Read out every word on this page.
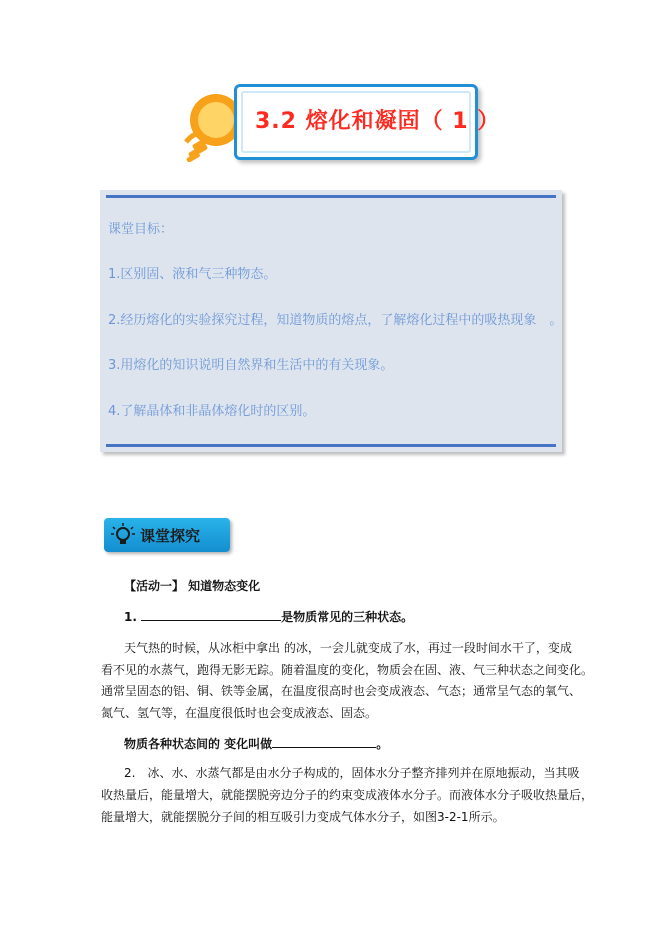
3.2 熔化和凝固（ 1 ）
课堂目标：
1.区别固、液和气三种物态。
2.经历熔化的实验探究过程，知道物质的熔点，了解熔化过程中的吸热现象　。
3.用熔化的知识说明自然界和生活中的有关现象。
4.了解晶体和非晶体熔化时的区别。
课堂探究
【活动一】 知道物态变化
1.	是物质常见的三种状态。
天气热的时候，从冰柜中拿出 的冰，一会儿就变成了水，再过一段时间水干了，变成
看不见的水蒸气，跑得无影无踪。随着温度的变化，物质会在固、液、气三种状态之间变化。
通常呈固态的铝、铜、铁等金属，在温度很高时也会变成液态、气态；通常呈气态的氧气、
氮气、氢气等，在温度很低时也会变成液态、固态。
物质各种状态间的 变化叫做	。
2.　冰、水、水蒸气都是由水分子构成的，固体水分子整齐排列并在原地振动，当其吸
收热量后，能量增大，就能摆脱旁边分子的约束变成液体水分子。而液体水分子吸收热量后，
能量增大，就能摆脱分子间的相互吸引力变成气体水分子，如图3-2-1所示。
